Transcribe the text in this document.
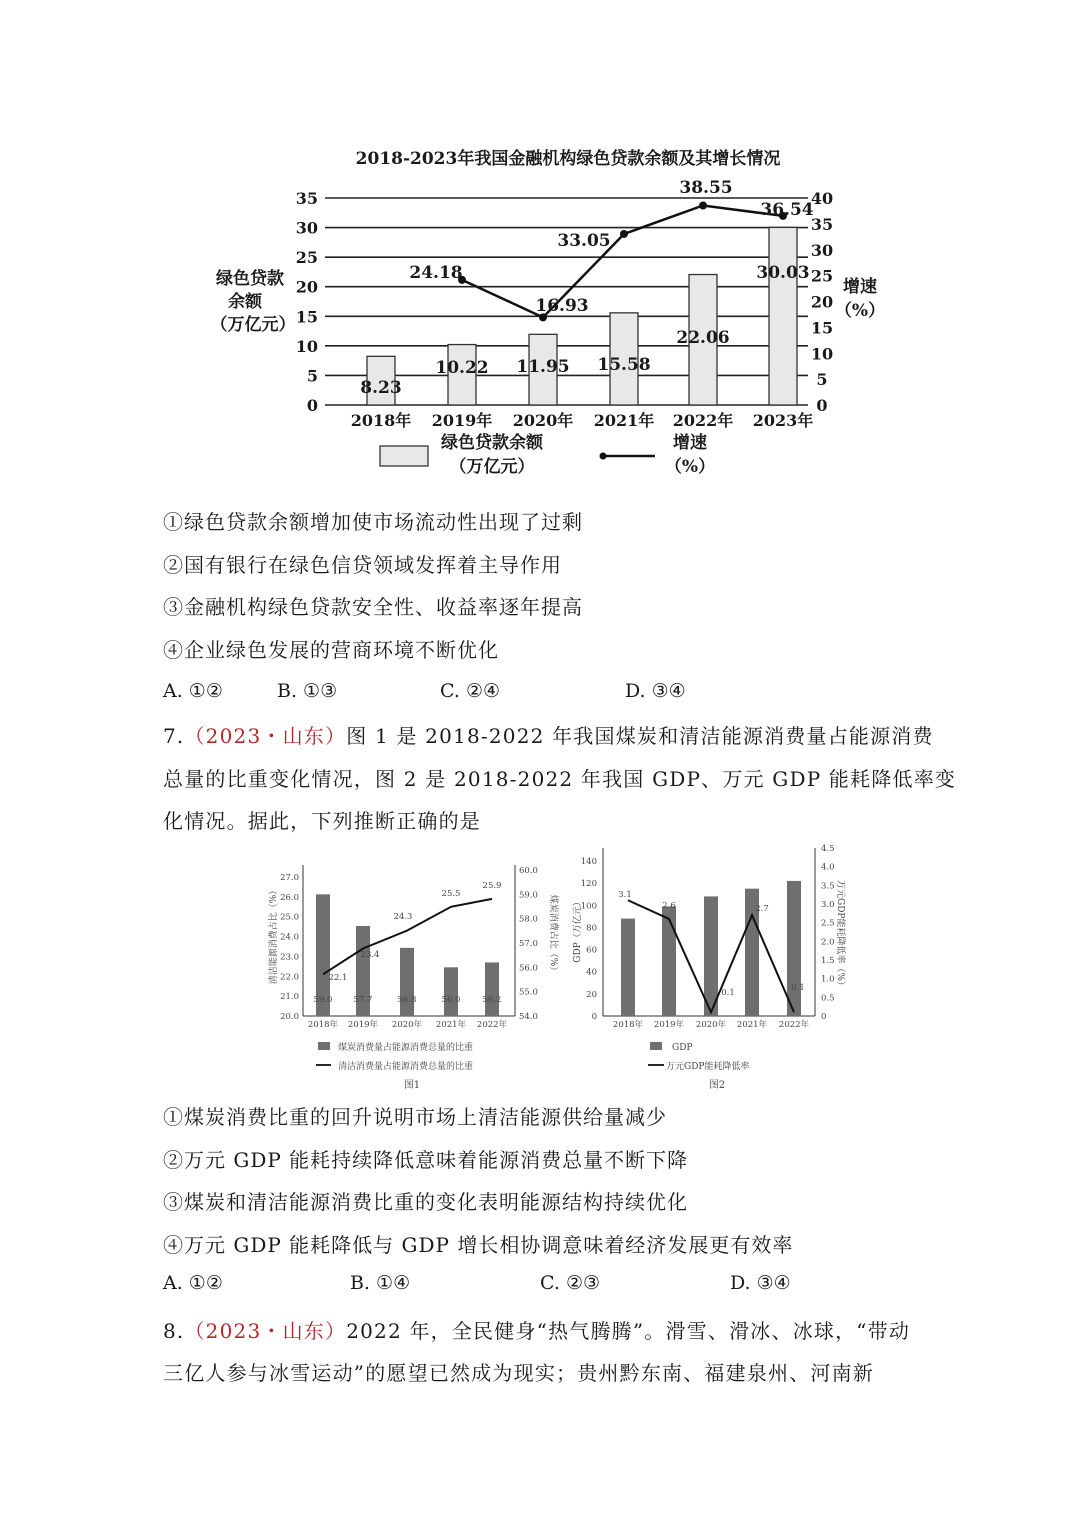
2018-2023年我国金融机构绿色贷款余额及其增长情况
0
5
10
15
20
25
30
35
0
5
10
15
20
25
30
35
40
2018年 2019年 2020年 2021年 2022年 2023年
8.23
10.22 11.95 15.58
22.06
30.03
24.18
16.93
33.05
38.55
36.54
绿色贷款
余额
（万亿元）
增速
（%）
绿色贷款余额
（万亿元）
增速
（%）
①绿色贷款余额增加使市场流动性出现了过剩
②国有银行在绿色信贷领域发挥着主导作用
③金融机构绿色贷款安全性、收益率逐年提高
④企业绿色发展的营商环境不断优化
A. ①②	B. ①③	C. ②④	D. ③④
7.（2023・山东）图 1 是 2018-2022 年我国煤炭和清洁能源消费量占能源消费
总量的比重变化情况，图 2 是 2018-2022 年我国 GDP、万元 GDP 能耗降低率变
化情况。据此，下列推断正确的是
20.0
21.0
22.0
23.0
24.0
25.0
26.0
27.0
54.0
55.0
56.0
57.0
58.0
59.0
60.0
2018年 2019年 2020年 2021年 2022年
59.0 57.7	56.8	56.0	56.2
22.1
23.4
24.3
25.5
25.9
清洁能源消费占比（%）	煤炭消费占比（%）
煤炭消费量占能源消费总量的比重
清洁消费量占能源消费总量的比重
图1
0
20
40
60
80
100
120
140
0
0.5
1.0
1.5
2.0
2.5
3.0
3.5
4.0
4.5
2018年 2019年 2020年 2021年 2022年
3.1
2.6
0.1
2.7
0.1
GDP（万亿元）	万元GDP能耗降低率（%）
GDP
万元GDP能耗降低率
图2
①煤炭消费比重的回升说明市场上清洁能源供给量减少
②万元 GDP 能耗持续降低意味着能源消费总量不断下降
③煤炭和清洁能源消费比重的变化表明能源结构持续优化
④万元 GDP 能耗降低与 GDP 增长相协调意味着经济发展更有效率
A. ①②	B. ①④	C. ②③	D. ③④
8.（2023・山东）2022 年，全民健身“热气腾腾”。滑雪、滑冰、冰球，“带动
三亿人参与冰雪运动”的愿望已然成为现实；贵州黔东南、福建泉州、河南新
